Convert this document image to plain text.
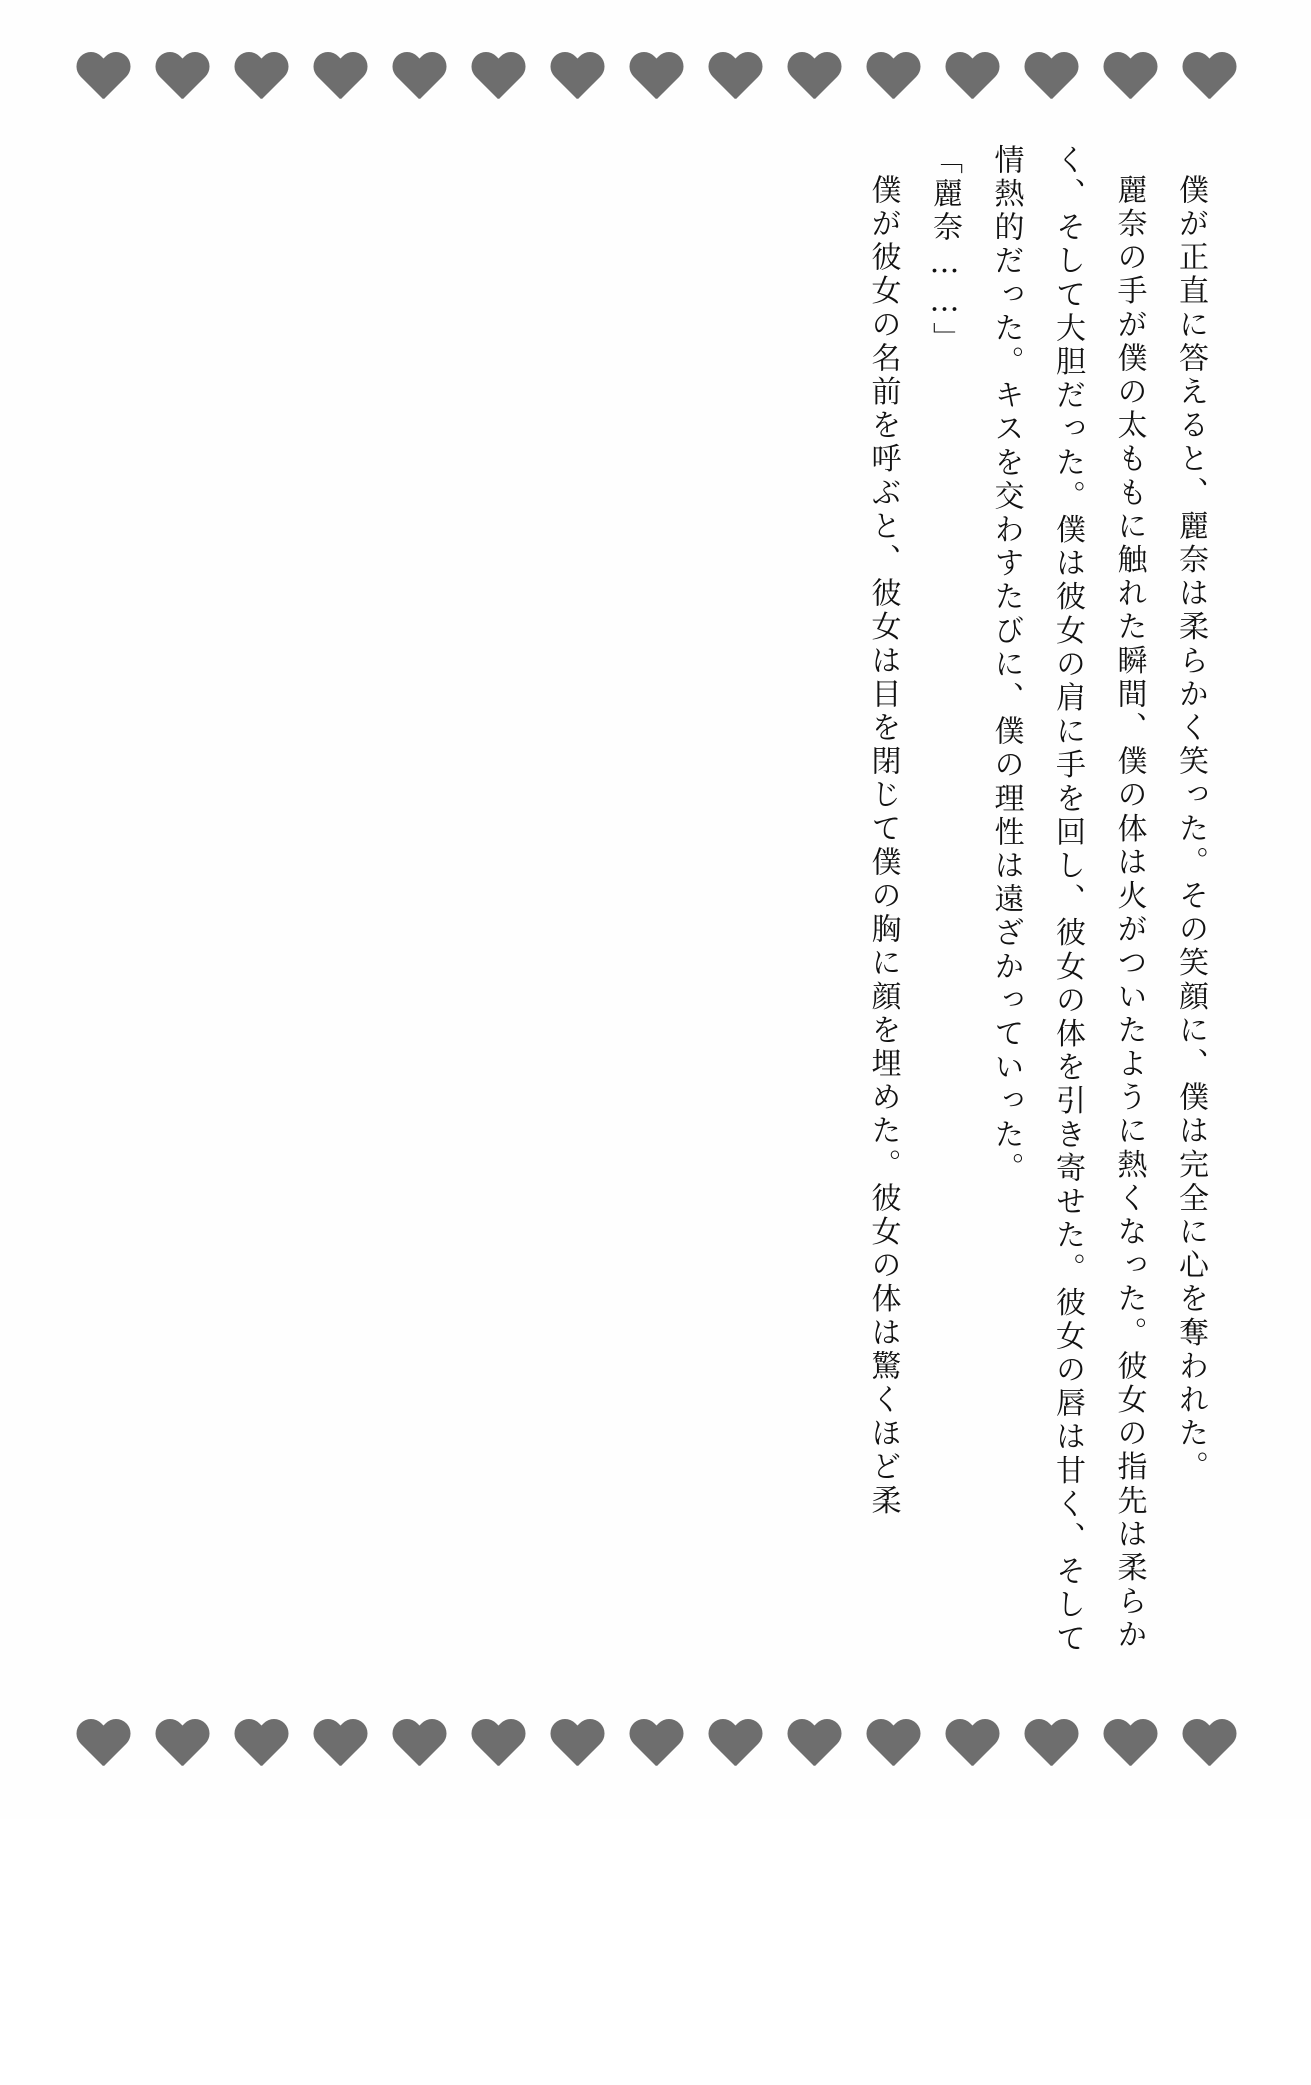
僕が正直に答えると、麗奈は柔らかく笑った。その笑顔に、僕は完全に心を奪われた。

麗奈の手が僕の太ももに触れた瞬間、僕の体は火がついたように熱くなった。彼女の指先は柔らかく、そして大胆だった。僕は彼女の肩に手を回し、彼女の体を引き寄せた。彼女の唇は甘く、そして情熱的だった。キスを交わすたびに、僕の理性は遠ざかっていった。

「麗奈……」

僕が彼女の名前を呼ぶと、彼女は目を閉じて僕の胸に顔を埋めた。彼女の体は驚くほど柔
